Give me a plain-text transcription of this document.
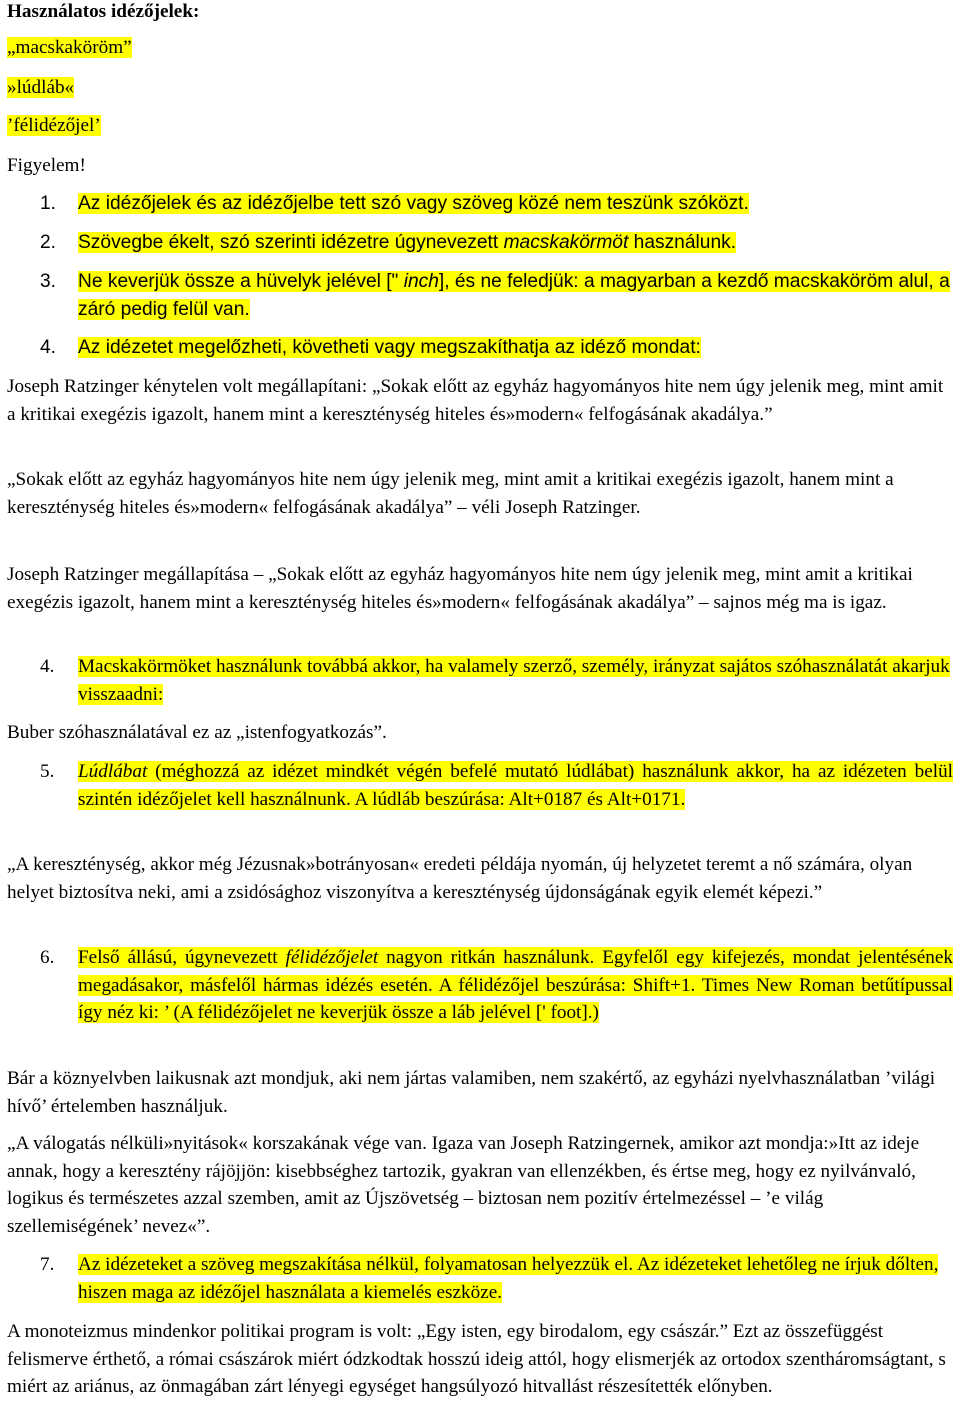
Használatos idézőjelek:
„macskaköröm”
»lúdláb«
’félidézőjel’
Figyelem!
1. Az idézőjelek és az idézőjelbe tett szó vagy szöveg közé nem teszünk szóközt.
2. Szövegbe ékelt, szó szerinti idézetre úgynevezett macskakörmöt használunk.
3. Ne keverjük össze a hüvelyk jelével [" inch], és ne feledjük: a magyarban a kezdő macskaköröm alul, a záró pedig felül van.
4. Az idézetet megelőzheti, követheti vagy megszakíthatja az idéző mondat:
Joseph Ratzinger kénytelen volt megállapítani: „Sokak előtt az egyház hagyományos hite nem úgy jelenik meg, mint amit a kritikai exegézis igazolt, hanem mint a kereszténység hiteles és»modern« felfogásának akadálya.”
„Sokak előtt az egyház hagyományos hite nem úgy jelenik meg, mint amit a kritikai exegézis igazolt, hanem mint a kereszténység hiteles és»modern« felfogásának akadálya” – véli Joseph Ratzinger.
Joseph Ratzinger megállapítása – „Sokak előtt az egyház hagyományos hite nem úgy jelenik meg, mint amit a kritikai exegézis igazolt, hanem mint a kereszténység hiteles és»modern« felfogásának akadálya” – sajnos még ma is igaz.
4. Macskakörmöket használunk továbbá akkor, ha valamely szerző, személy, irányzat sajátos szóhasználatát akarjuk visszaadni:
Buber szóhasználatával ez az „istenfogyatkozás”.
5. Lúdlábat (méghozzá az idézet mindkét végén befelé mutató lúdlábat) használunk akkor, ha az idézeten belül szintén idézőjelet kell használnunk. A lúdláb beszúrása: Alt+0187 és Alt+0171.
„A kereszténység, akkor még Jézusnak»botrányosan« eredeti példája nyomán, új helyzetet teremt a nő számára, olyan helyet biztosítva neki, ami a zsidósághoz viszonyítva a kereszténység újdonságának egyik elemét képezi.”
6. Felső állású, úgynevezett félidézőjelet nagyon ritkán használunk. Egyfelől egy kifejezés, mondat jelentésének megadásakor, másfelől hármas idézés esetén. A félidézőjel beszúrása: Shift+1. Times New Roman betűtípussal így néz ki: ’ (A félidézőjelet ne keverjük össze a láb jelével [' foot].)
Bár a köznyelvben laikusnak azt mondjuk, aki nem jártas valamiben, nem szakértő, az egyházi nyelvhasználatban ’világi hívő’ értelemben használjuk.
„A válogatás nélküli»nyitások« korszakának vége van. Igaza van Joseph Ratzingernek, amikor azt mondja:»Itt az ideje annak, hogy a keresztény rájöjjön: kisebbséghez tartozik, gyakran van ellenzékben, és értse meg, hogy ez nyilvánvaló, logikus és természetes azzal szemben, amit az Újszövetség – biztosan nem pozitív értelmezéssel – ’e világ szellemiségének’ nevez«”.
7. Az idézeteket a szöveg megszakítása nélkül, folyamatosan helyezzük el. Az idézeteket lehetőleg ne írjuk dőlten, hiszen maga az idézőjel használata a kiemelés eszköze.
A monoteizmus mindenkor politikai program is volt: „Egy isten, egy birodalom, egy császár.” Ezt az összefüggést felismerve érthető, a római császárok miért ódzkodtak hosszú ideig attól, hogy elismerjék az ortodox szentháromságtant, s miért az ariánus, az önmagában zárt lényegi egységet hangsúlyozó hitvallást részesítették előnyben.
